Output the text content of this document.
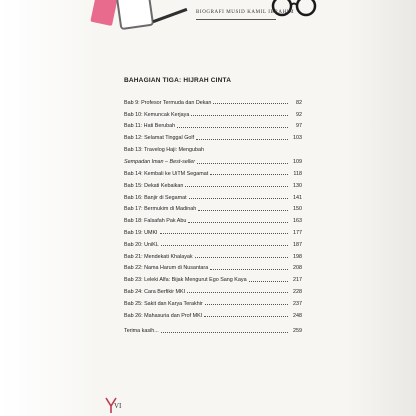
BIOGRAFI MUSID KAMIL IBRAHIM
BAHAGIAN TIGA: HIJRAH CINTA
Bab 9: Profesor Termuda dan Dekan	82
Bab 10: Kemuncak Kerjaya	92
Bab 11: Hati Berubah	97
Bab 12: Selamat Tinggal Golf	103
Bab 13: Travelog Haji: Mengubah
Sempadan Iman – Best-seller	109
Bab 14: Kembali ke UiTM Segamat	118
Bab 15: Dekati Kebaikan	130
Bab 16: Banjir di Segamat	141
Bab 17: Bermukim di Madinah	150
Bab 18: Falsafah Pak Abu	163
Bab 19: UMKI	177
Bab 20: UniKL	187
Bab 21: Mendekati Khalayak	198
Bab 22: Nama Harum di Nusantara	208
Bab 23: Leleki Alfa: Bijak Mengurut Ego Sang Kaya	217
Bab 24: Cara Berfikir MKI	228
Bab 25: Sakit dan Karya Terakhir	237
Bab 26: Mahasuria dan Prof MKI	248
Terima kasih...	259
VI
